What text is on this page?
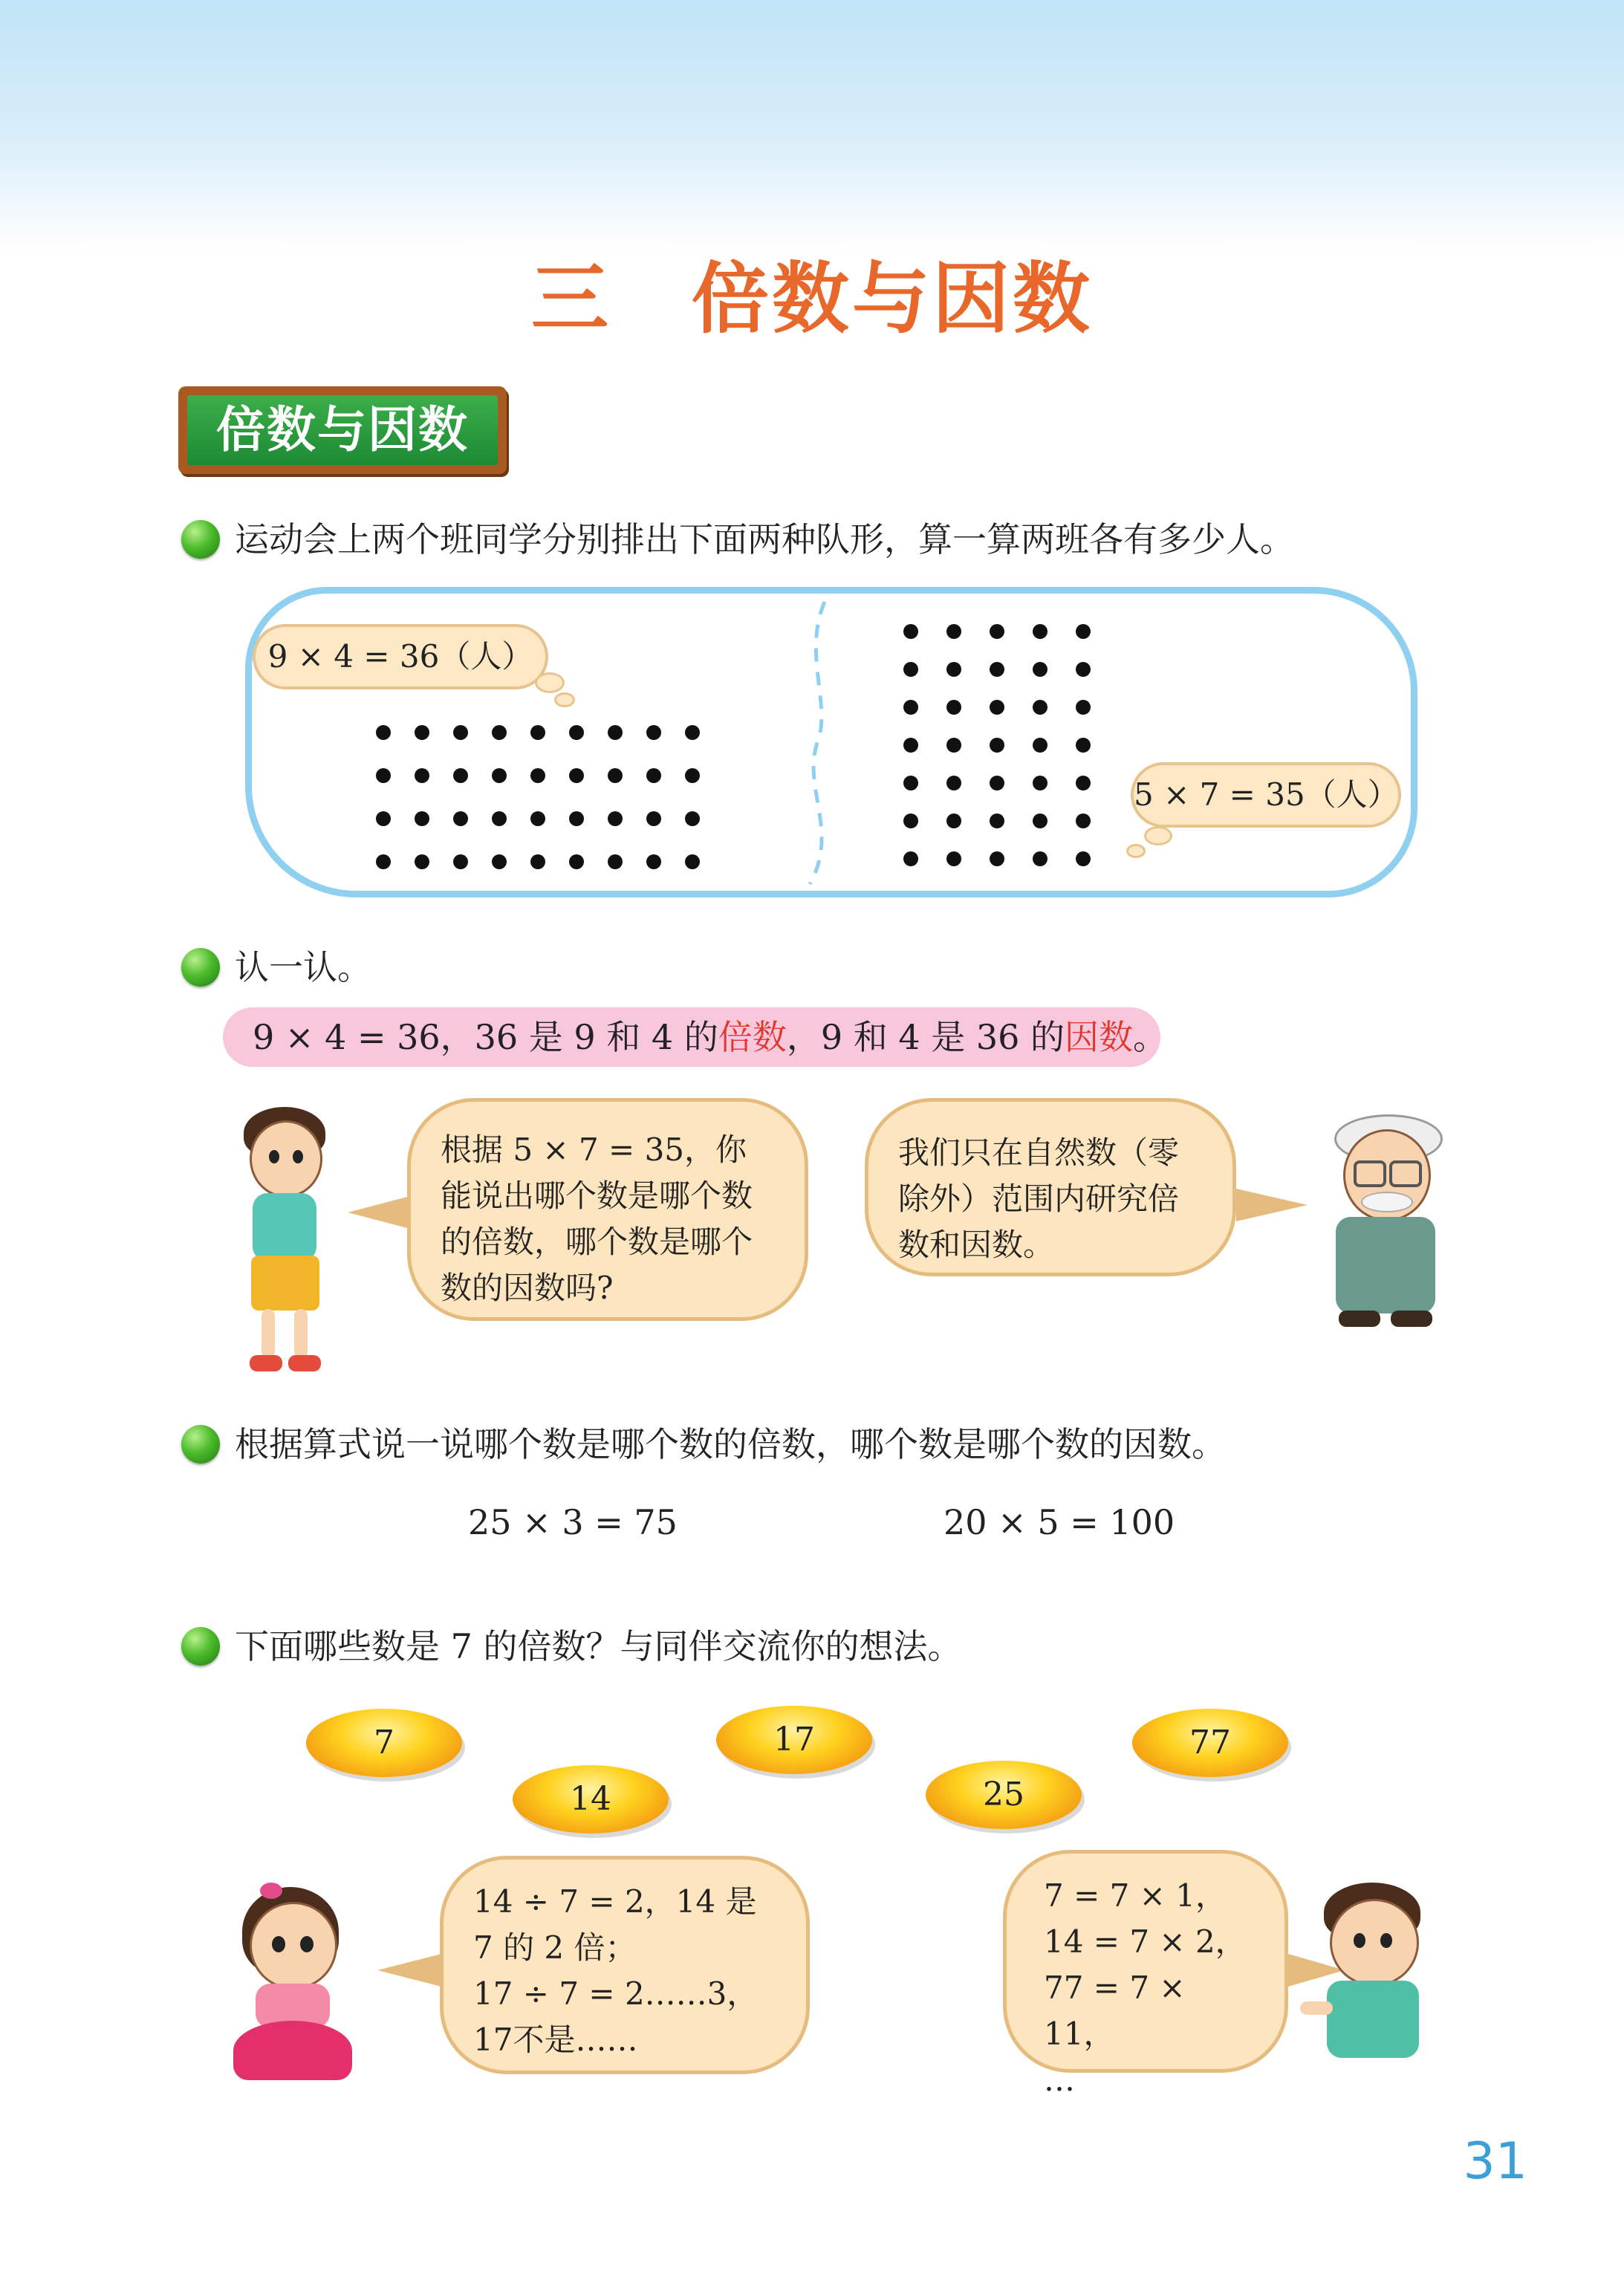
三　倍数与因数
倍数与因数
运动会上两个班同学分别排出下面两种队形，算一算两班各有多少人。
9 × 4 = 36（人）
5 × 7 = 35（人）
认一认。
9 × 4 = 36，36 是 9 和 4 的倍数，9 和 4 是 36 的因数。
根据 5 × 7 = 35，你能说出哪个数是哪个数的倍数，哪个数是哪个数的因数吗?
我们只在自然数（零除外）范围内研究倍数和因数。
根据算式说一说哪个数是哪个数的倍数，哪个数是哪个数的因数。
25 × 3 = 75	20 × 5 = 100
下面哪些数是 7 的倍数？与同伴交流你的想法。
7
14
17
25
77
14 ÷ 7 = 2，14 是
7 的 2 倍；
17 ÷ 7 = 2……3，
17不是……
7 = 7 × 1，
14 = 7 × 2，
77 = 7 × 11，
…
31
